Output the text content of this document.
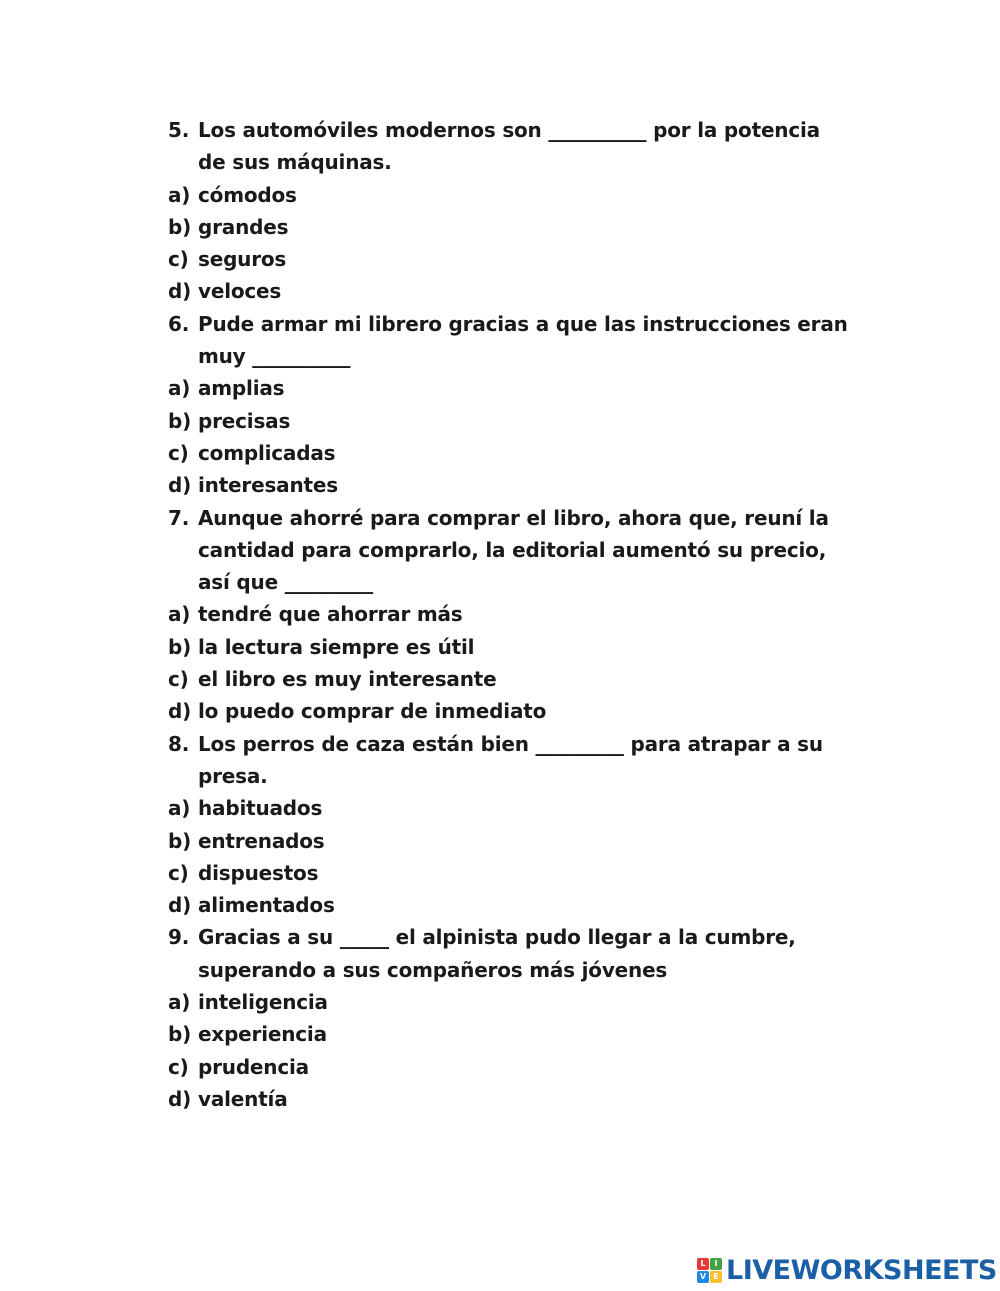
5. Los automóviles modernos son __________ por la potencia
de sus máquinas.
a) cómodos
b) grandes
c) seguros
d) veloces
6. Pude armar mi librero gracias a que las instrucciones eran
muy __________
a) amplias
b) precisas
c) complicadas
d) interesantes
7. Aunque ahorré para comprar el libro, ahora que, reuní la
cantidad para comprarlo, la editorial aumentó su precio,
así que _________
a) tendré que ahorrar más
b) la lectura siempre es útil
c) el libro es muy interesante
d) lo puedo comprar de inmediato
8. Los perros de caza están bien _________ para atrapar a su
presa.
a) habituados
b) entrenados
c) dispuestos
d) alimentados
9. Gracias a su _____ el alpinista pudo llegar a la cumbre,
superando a sus compañeros más jóvenes
a) inteligencia
b) experiencia
c) prudencia
d) valentía
L	I
V E LIVEWORKSHEETS
